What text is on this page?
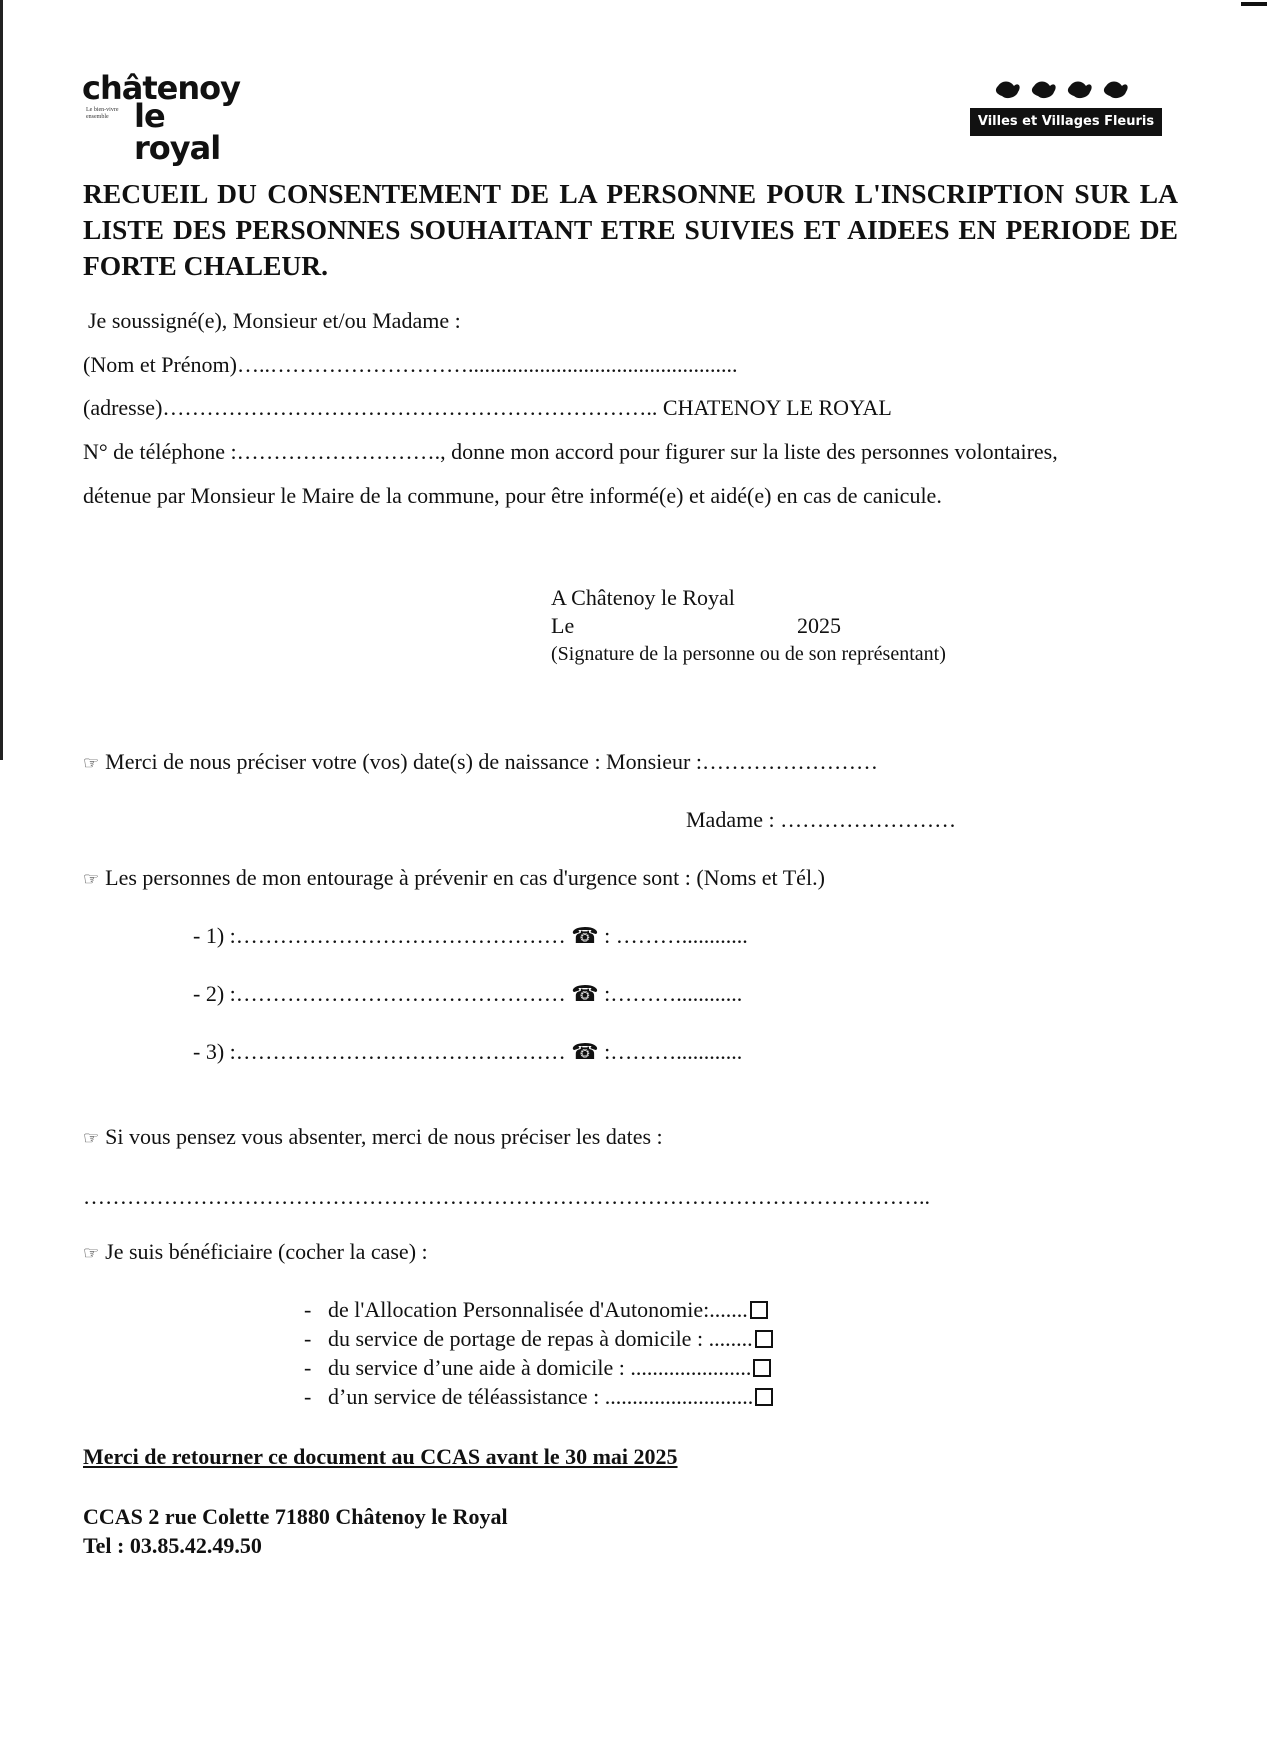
châtenoy
Le bien-vivre ensemble le royal
Villes et Villages Fleuris
RECUEIL DU CONSENTEMENT DE LA PERSONNE POUR L'INSCRIPTION SUR LA LISTE DES PERSONNES SOUHAITANT ETRE SUIVIES ET AIDEES EN PERIODE DE FORTE CHALEUR.
Je soussigné(e), Monsieur et/ou Madame :
(Nom et Prénom)…..……………………….................................................
(adresse)………………………………………………………….. CHATENOY LE ROYAL
N° de téléphone :………………………., donne mon accord pour figurer sur la liste des personnes volontaires,
détenue par Monsieur le Maire de la commune, pour être informé(e) et aidé(e) en cas de canicule.
A Châtenoy le Royal
Le	2025
(Signature de la personne ou de son représentant)
☞ Merci de nous préciser votre (vos) date(s) de naissance : Monsieur :……………………
Madame : ……………………
☞ Les personnes de mon entourage à prévenir en cas d'urgence sont : (Noms et Tél.)
- 1) :……………………………………… ☎ : ………............
- 2) :……………………………………… ☎ :………............
- 3) :……………………………………… ☎ :………............
☞ Si vous pensez vous absenter, merci de nous préciser les dates :
……………………………………………………………………………………………………..
☞ Je suis bénéficiaire (cocher la case) :
- de l'Allocation Personnalisée d'Autonomie:.......
- du service de portage de repas à domicile : ........
- du service d’une aide à domicile : ......................
- d’un service de téléassistance : ...........................
Merci de retourner ce document au CCAS avant le 30 mai 2025
CCAS 2 rue Colette 71880 Châtenoy le Royal
Tel : 03.85.42.49.50
